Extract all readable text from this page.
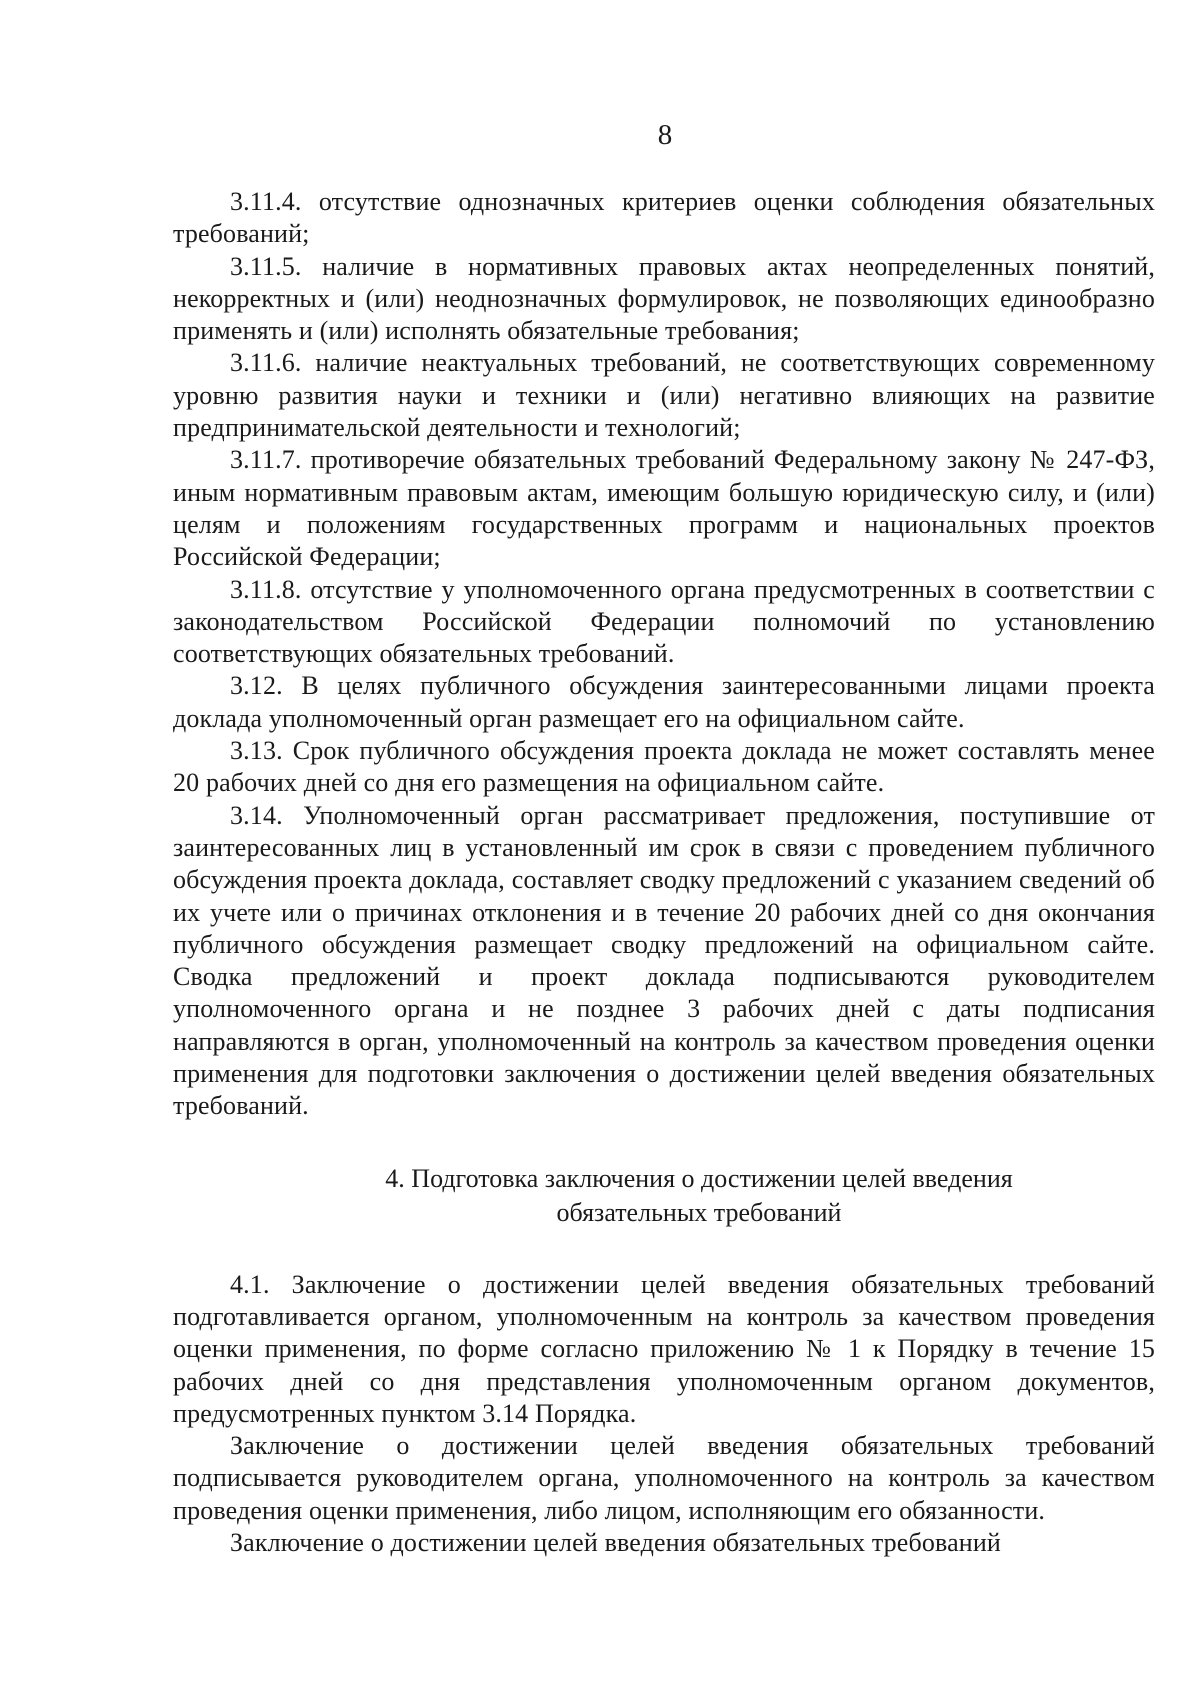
8

3.11.4. отсутствие однозначных критериев оценки соблюдения обязательных требований;

3.11.5. наличие в нормативных правовых актах неопределенных понятий, некорректных и (или) неоднозначных формулировок, не позволяющих единообразно применять и (или) исполнять обязательные требования;

3.11.6. наличие неактуальных требований, не соответствующих современному уровню развития науки и техники и (или) негативно влияющих на развитие предпринимательской деятельности и технологий;

3.11.7. противоречие обязательных требований Федеральному закону № 247-ФЗ, иным нормативным правовым актам, имеющим большую юридическую силу, и (или) целям и положениям государственных программ и национальных проектов Российской Федерации;

3.11.8. отсутствие у уполномоченного органа предусмотренных в соответствии с законодательством Российской Федерации полномочий по установлению соответствующих обязательных требований.

3.12. В целях публичного обсуждения заинтересованными лицами проекта доклада уполномоченный орган размещает его на официальном сайте.

3.13. Срок публичного обсуждения проекта доклада не может составлять менее 20 рабочих дней со дня его размещения на официальном сайте.

3.14. Уполномоченный орган рассматривает предложения, поступившие от заинтересованных лиц в установленный им срок в связи с проведением публичного обсуждения проекта доклада, составляет сводку предложений с указанием сведений об их учете или о причинах отклонения и в течение 20 рабочих дней со дня окончания публичного обсуждения размещает сводку предложений на официальном сайте. Сводка предложений и проект доклада подписываются руководителем уполномоченного органа и не позднее 3 рабочих дней с даты подписания направляются в орган, уполномоченный на контроль за качеством проведения оценки применения для подготовки заключения о достижении целей введения обязательных требований.

4. Подготовка заключения о достижении целей введения
обязательных требований

4.1. Заключение о достижении целей введения обязательных требований подготавливается органом, уполномоченным на контроль за качеством проведения оценки применения, по форме согласно приложению № 1 к Порядку в течение 15 рабочих дней со дня представления уполномоченным органом документов, предусмотренных пунктом 3.14 Порядка.

Заключение о достижении целей введения обязательных требований подписывается руководителем органа, уполномоченного на контроль за качеством проведения оценки применения, либо лицом, исполняющим его обязанности.

Заключение о достижении целей введения обязательных требований
